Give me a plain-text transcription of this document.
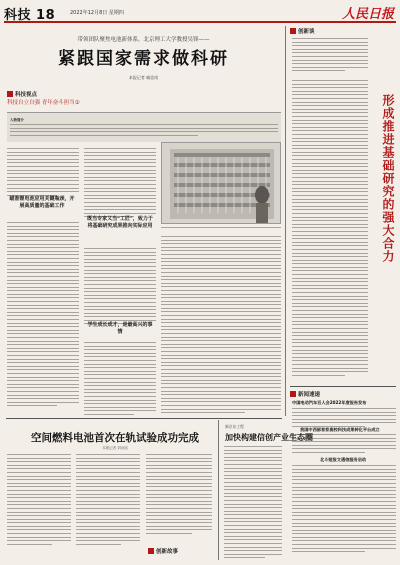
科技 18	2022年12月8日 星期四	人民日报
带领团队聚焦电池新体系，北京理工大学教授吴锋——
紧跟国家需求做科研
本报记者 喻思南
科技视点
科技自立自强 青年奋斗担当②
人物简介
瞄准锂电池应用关键瓶颈，开展高质量的基础工作
既当专家又当“工匠”，致力于将基础研究成果推向实际应用
学生成长成才，是最高兴的事情
创新谈
形成推进基础研究的强大合力
新闻速递
中国电动汽车百人会2022年度报告发布
我国中西部首家高校科技成果转化平台成立
北斗短报文通信服务启动
空间燃料电池首次在轨试验成功完成
本报记者 刘诗瑶
创新故事
新京东工程
加快构建信创产业生态圈
